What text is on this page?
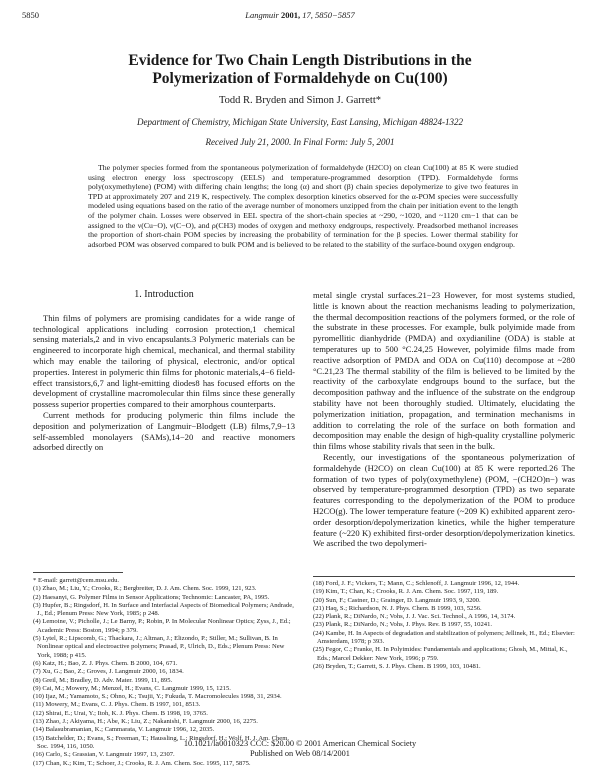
5850	Langmuir 2001, 17, 5850−5857
Evidence for Two Chain Length Distributions in the
Polymerization of Formaldehyde on Cu(100)
Todd R. Bryden and Simon J. Garrett*
Department of Chemistry, Michigan State University, East Lansing, Michigan 48824-1322
Received July 21, 2000. In Final Form: July 5, 2001

The polymer species formed from the spontaneous polymerization of formaldehyde (H2CO) on clean Cu(100) at 85 K were studied using electron energy loss spectroscopy (EELS) and temperature-programmed desorption (TPD). Formaldehyde forms poly(oxymethylene) (POM) with differing chain lengths; the long (α) and short (β) chain species depolymerize to give two features in TPD at approximately 207 and 219 K, respectively. The complex desorption kinetics observed for the α-POM species were successfully modeled using equations based on the ratio of the average number of monomers unzipped from the chain per initiation event to the length of the polymer chain. Losses were observed in EEL spectra of the short-chain species at ~290, ~1020, and ~1120 cm−1 that can be assigned to the ν(Cu−O), ν(C−O), and ρ(CH3) modes of oxygen and methoxy endgroups, respectively. Preadsorbed methanol increases the proportion of short-chain POM species by increasing the probability of termination for the β species. Lower thermal stability for adsorbed POM was observed compared to bulk POM and is believed to be related to the stability of the surface-bound oxygen endgroup.

1. Introduction

Thin films of polymers are promising candidates for a wide range of technological applications including corrosion protection,1 chemical sensing materials,2 and in vivo encapsulants.3 Polymeric materials can be engineered to incorporate high chemical, mechanical, and thermal stability which may enable the tailoring of physical, electronic, and/or optical properties. Interest in polymeric thin films for photonic materials,4−6 field-effect transistors,6,7 and light-emitting diodes8 has focused efforts on the development of crystalline macromolecular thin films since these generally possess superior properties compared to their amorphous counterparts.

Current methods for producing polymeric thin films include the deposition and polymerization of Langmuir−Blodgett (LB) films,7,9−13 self-assembled monolayers (SAMs),14−20 and reactive monomers adsorbed directly on

metal single crystal surfaces.21−23 However, for most systems studied, little is known about the reaction mechanisms leading to polymerization, the thermal decomposition reactions of the polymers formed, or the role of the substrate in these processes. For example, bulk polyimide made from pyromellitic dianhydride (PMDA) and oxydianiline (ODA) is stable at temperatures up to 500 °C.24,25 However, polyimide films made from reactive adsorption of PMDA and ODA on Cu(110) decompose at ~280 °C.21,23 The thermal stability of the film is believed to be limited by the reactivity of the carboxylate endgroups bound to the surface, but the decomposition pathway and the influence of the substrate on the endgroup stability have not been thoroughly studied. Ultimately, elucidating the polymerization initiation, propagation, and termination mechanisms in addition to correlating the role of the surface on both formation and decomposition may enable the design of high-quality crystalline polymeric thin films whose stability rivals that seen in the bulk.

Recently, our investigations of the spontaneous polymerization of formaldehyde (H2CO) on clean Cu(100) at 85 K were reported.26 The formation of two types of poly(oxymethylene) (POM, −(CH2O)n−) was observed by temperature-programmed desorption (TPD) as two separate features corresponding to the depolymerization of the POM to produce H2CO(g). The lower temperature feature (~209 K) exhibited apparent zero-order desorption/depolymerization kinetics, while the higher temperature feature (~220 K) exhibited first-order desorption/depolymerization kinetics. We ascribed the two depolymeri-

* E-mail: garrett@cem.msu.edu.

(1) Zhao, M.; Liu, Y.; Crooks, R.; Bergbreiter, D. J. Am. Chem. Soc. 1999, 121, 923.

(2) Haesanyi, G. Polymer Films in Sensor Applications; Technomic: Lancaster, PA, 1995.

(3) Hupfer, B.; Ringsdorf, H. In Surface and Interfacial Aspects of Biomedical Polymers; Andrade, J., Ed.; Plenum Press: New York, 1985; p 248.

(4) Lemoine, V.; Picholle, J.; Le Barny, P.; Robin, P. In Molecular Nonlinear Optics; Zyss, J., Ed.; Academic Press: Boston, 1994; p 379.

(5) Lytel, R.; Lipscomb, G.; Thackara, J.; Altman, J.; Elizondo, P.; Stiller, M.; Sullivan, B. In Nonlinear optical and electroactive polymers; Prasad, P., Ulrich, D., Eds.; Plenum Press: New York, 1988; p 415.

(6) Katz, H.; Bao, Z. J. Phys. Chem. B 2000, 104, 671.

(7) Xu, G.; Bao, Z.; Groves, J. Langmuir 2000, 16, 1834.

(8) Greil, M.; Bradley, D. Adv. Mater. 1999, 11, 895.

(9) Cai, M.; Mowery, M.; Menzel, H.; Evans, C. Langmuir 1999, 15, 1215.

(10) Ijaz, M.; Yamamoto, S.; Ohno, K.; Tsujii, Y.; Fukuda, T. Macromolecules 1998, 31, 2934.

(11) Mowery, M.; Evans, C. J. Phys. Chem. B 1997, 101, 8513.

(12) Shirai, E.; Urai, Y.; Itoh, K. J. Phys. Chem. B 1998, 19, 3765.

(13) Zhao, J.; Akiyama, H.; Abe, K.; Liu, Z.; Nakanishi, F. Langmuir 2000, 16, 2275.

(14) Balasubramanian, K.; Cammarata, V. Langmuir 1996, 12, 2035.

(15) Batchelder, D.; Evans, S.; Freeman, T.; Haussling, L.; Ringsdorf, H.; Wolf, H. J. Am. Chem. Soc. 1994, 116, 1050.

(16) Carlo, S.; Grassian, V. Langmuir 1997, 13, 2307.

(17) Chan, K.; Kim, T.; Schoer, J.; Crooks, R. J. Am. Chem. Soc. 1995, 117, 5875.

(18) Ford, J. F.; Vickers, T.; Mann, C.; Schlenoff, J. Langmuir 1996, 12, 1944.

(19) Kim, T.; Chan, K.; Crooks, R. J. Am. Chem. Soc. 1997, 119, 189.

(20) Sun, F.; Castner, D.; Grainger, D. Langmuir 1993, 9, 3200.

(21) Haq, S.; Richardson, N. J. Phys. Chem. B 1999, 103, 5256.

(22) Plank, R.; DiNardo, N.; Vohs, J. J. Vac. Sci. Technol., A 1996, 14, 3174.

(23) Plank, R.; DiNardo, N.; Vohs, J. Phys. Rev. B 1997, 55, 10241.

(24) Kambe, H. In Aspects of degradation and stabilization of polymers; Jellinek, H., Ed.; Elsevier: Amsterdam, 1978; p 393.

(25) Fegor, C.; Franke, H. In Polyimides: Fundamentals and applications; Ghosh, M., Mittal, K., Eds.; Marcel Dekker: New York, 1996; p 759.

(26) Bryden, T.; Garrett, S. J. Phys. Chem. B 1999, 103, 10481.

10.1021/la0010323 CCC: $20.00 © 2001 American Chemical Society
Published on Web 08/14/2001
